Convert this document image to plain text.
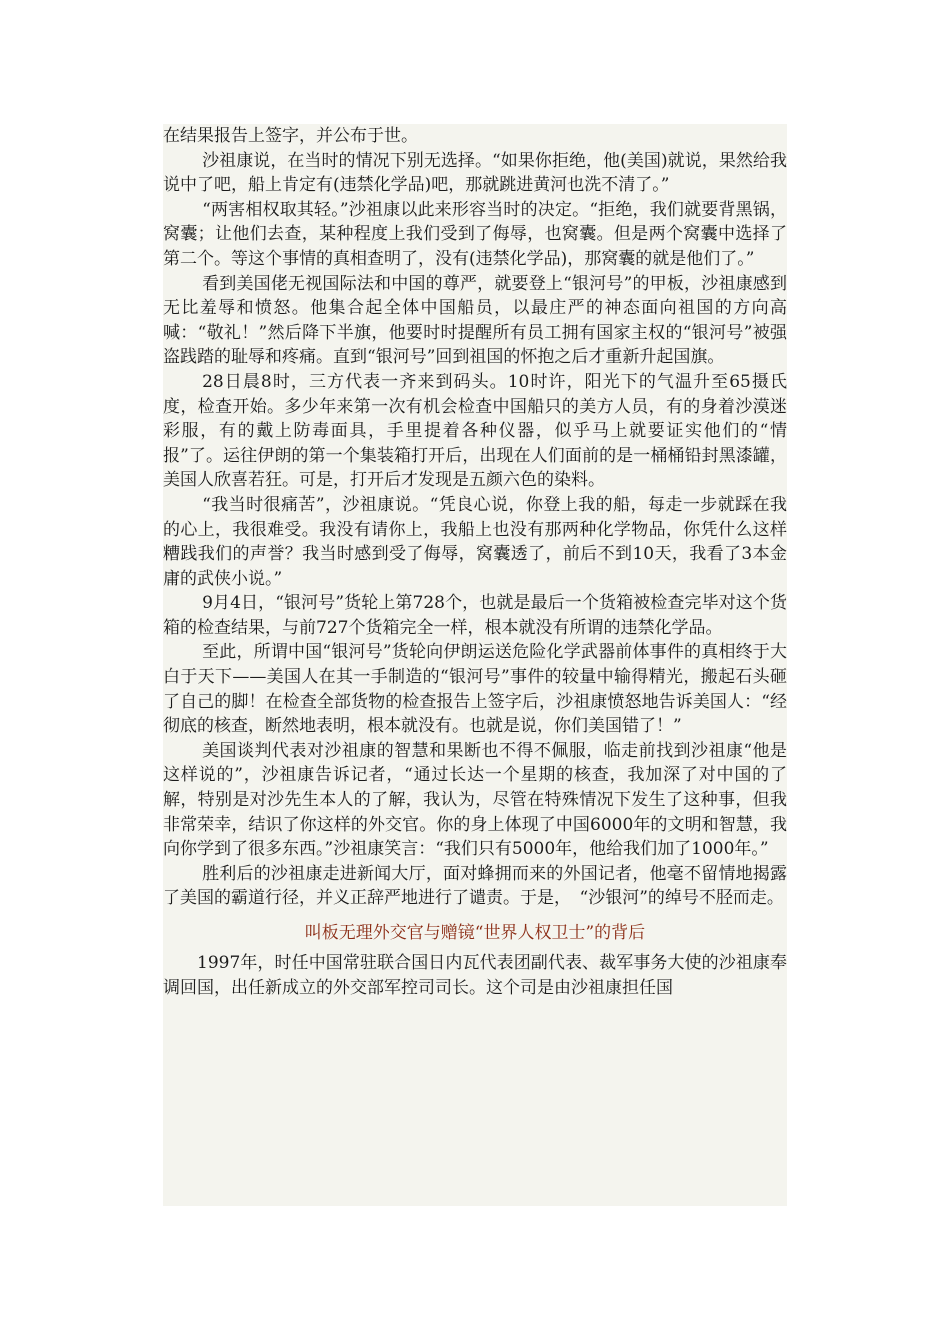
在结果报告上签字，并公布于世。

沙祖康说，在当时的情况下别无选择。“如果你拒绝，他(美国)就说，果然给我说中了吧，船上肯定有(违禁化学品)吧，那就跳进黄河也洗不清了。”

“两害相权取其轻。”沙祖康以此来形容当时的决定。“拒绝，我们就要背黑锅，窝囊；让他们去查，某种程度上我们受到了侮辱，也窝囊。但是两个窝囊中选择了第二个。等这个事情的真相查明了，没有(违禁化学品)，那窝囊的就是他们了。”

看到美国佬无视国际法和中国的尊严，就要登上“银河号”的甲板，沙祖康感到无比羞辱和愤怒。他集合起全体中国船员，以最庄严的神态面向祖国的方向高喊：“敬礼！”然后降下半旗，他要时时提醒所有员工拥有国家主权的“银河号”被强盗践踏的耻辱和疼痛。直到“银河号”回到祖国的怀抱之后才重新升起国旗。

28日晨8时，三方代表一齐来到码头。10时许，阳光下的气温升至65摄氏度，检查开始。多少年来第一次有机会检查中国船只的美方人员，有的身着沙漠迷彩服，有的戴上防毒面具，手里提着各种仪器，似乎马上就要证实他们的“情报”了。运往伊朗的第一个集装箱打开后，出现在人们面前的是一桶桶铅封黑漆罐，美国人欣喜若狂。可是，打开后才发现是五颜六色的染料。

“我当时很痛苦”，沙祖康说。“凭良心说，你登上我的船，每走一步就踩在我的心上，我很难受。我没有请你上，我船上也没有那两种化学物品，你凭什么这样糟践我们的声誉？我当时感到受了侮辱，窝囊透了，前后不到10天，我看了3本金庸的武侠小说。”

9月4日，“银河号”货轮上第728个，也就是最后一个货箱被检查完毕对这个货箱的检查结果，与前727个货箱完全一样，根本就没有所谓的违禁化学品。

至此，所谓中国“银河号”货轮向伊朗运送危险化学武器前体事件的真相终于大白于天下——美国人在其一手制造的“银河号”事件的较量中输得精光，搬起石头砸了自己的脚！在检查全部货物的检查报告上签字后，沙祖康愤怒地告诉美国人：“经彻底的核查，断然地表明，根本就没有。也就是说，你们美国错了！”

美国谈判代表对沙祖康的智慧和果断也不得不佩服，临走前找到沙祖康“他是这样说的”，沙祖康告诉记者，“通过长达一个星期的核查，我加深了对中国的了解，特别是对沙先生本人的了解，我认为，尽管在特殊情况下发生了这种事，但我非常荣幸，结识了你这样的外交官。你的身上体现了中国6000年的文明和智慧，我向你学到了很多东西。”沙祖康笑言：“我们只有5000年，他给我们加了1000年。”

胜利后的沙祖康走进新闻大厅，面对蜂拥而来的外国记者，他毫不留情地揭露了美国的霸道行径，并义正辞严地进行了谴责。于是，　“沙银河”的绰号不胫而走。

叫板无理外交官与赠镜“世界人权卫士”的背后

1997年，时任中国常驻联合国日内瓦代表团副代表、裁军事务大使的沙祖康奉调回国，出任新成立的外交部军控司司长。这个司是由沙祖康担任国
